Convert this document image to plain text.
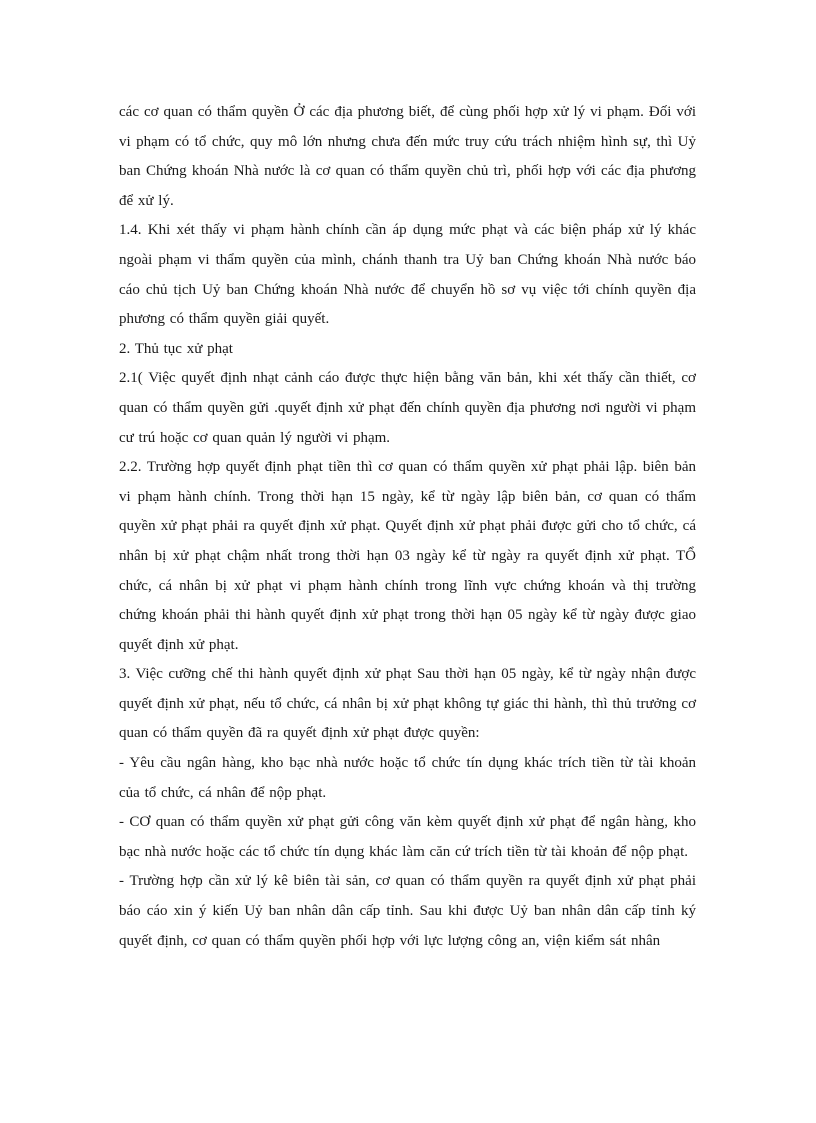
các cơ quan có thẩm quyền Ở các địa phương biết, để cùng phối hợp xử lý vi phạm. Đối với vi phạm có tổ chức, quy mô lớn nhưng chưa đến mức truy cứu trách nhiệm hình sự, thì Uỷ ban Chứng khoán Nhà nước là cơ quan có thẩm quyền chủ trì, phối hợp với các địa phương để xử lý.

1.4. Khi xét thấy vi phạm hành chính cần áp dụng mức phạt và các biện pháp xử lý khác ngoài phạm vi thẩm quyền của mình, chánh thanh tra Uỷ ban Chứng khoán Nhà nước báo cáo chủ tịch Uỷ ban Chứng khoán Nhà nước để chuyển hồ sơ vụ việc tới chính quyền địa phương có thẩm quyền giải quyết.

2. Thủ tục xử phạt

2.1( Việc quyết định nhạt cảnh cáo được thực hiện bằng văn bản, khi xét thấy cần thiết, cơ quan có thẩm quyền gửi .quyết định xử phạt đến chính quyền địa phương nơi người vi phạm cư trú hoặc cơ quan quản lý người vi phạm.

2.2. Trường hợp quyết định phạt tiền thì cơ quan có thẩm quyền xử phạt phải lập. biên bản vi phạm hành chính. Trong thời hạn 15 ngày, kể từ ngày lập biên bản, cơ quan có thẩm quyền xử phạt phải ra quyết định xử phạt. Quyết định xử phạt phải được gửi cho tổ chức, cá nhân bị xử phạt chậm nhất trong thời hạn 03 ngày kể từ ngày ra quyết định xử phạt. TỔ chức, cá nhân bị xử phạt vi phạm hành chính trong lĩnh vực chứng khoán và thị trường chứng khoán phải thi hành quyết định xử phạt trong thời hạn 05 ngày kể từ ngày được giao quyết định xử phạt.

3. Việc cưỡng chế thi hành quyết định xử phạt Sau thời hạn 05 ngày, kể từ ngày nhận được quyết định xử phạt, nếu tổ chức, cá nhân bị xử phạt không tự giác thi hành, thì thủ trưởng cơ quan có thẩm quyền đã ra quyết định xử phạt được quyền:

- Yêu cầu ngân hàng, kho bạc nhà nước hoặc tổ chức tín dụng khác trích tiền từ tài khoản của tổ chức, cá nhân để nộp phạt.

- CƠ quan có thẩm quyền xử phạt gửi công văn kèm quyết định xử phạt để ngân hàng, kho bạc nhà nước hoặc các tổ chức tín dụng khác làm căn cứ trích tiền từ tài khoản để nộp phạt.

- Trường hợp cần xử lý kê biên tài sản, cơ quan có thẩm quyền ra quyết định xử phạt phải báo cáo xin ý kiến Uỷ ban nhân dân cấp tỉnh. Sau khi được Uỷ ban nhân dân cấp tỉnh ký quyết định, cơ quan có thẩm quyền phối hợp với lực lượng công an, viện kiểm sát nhân
